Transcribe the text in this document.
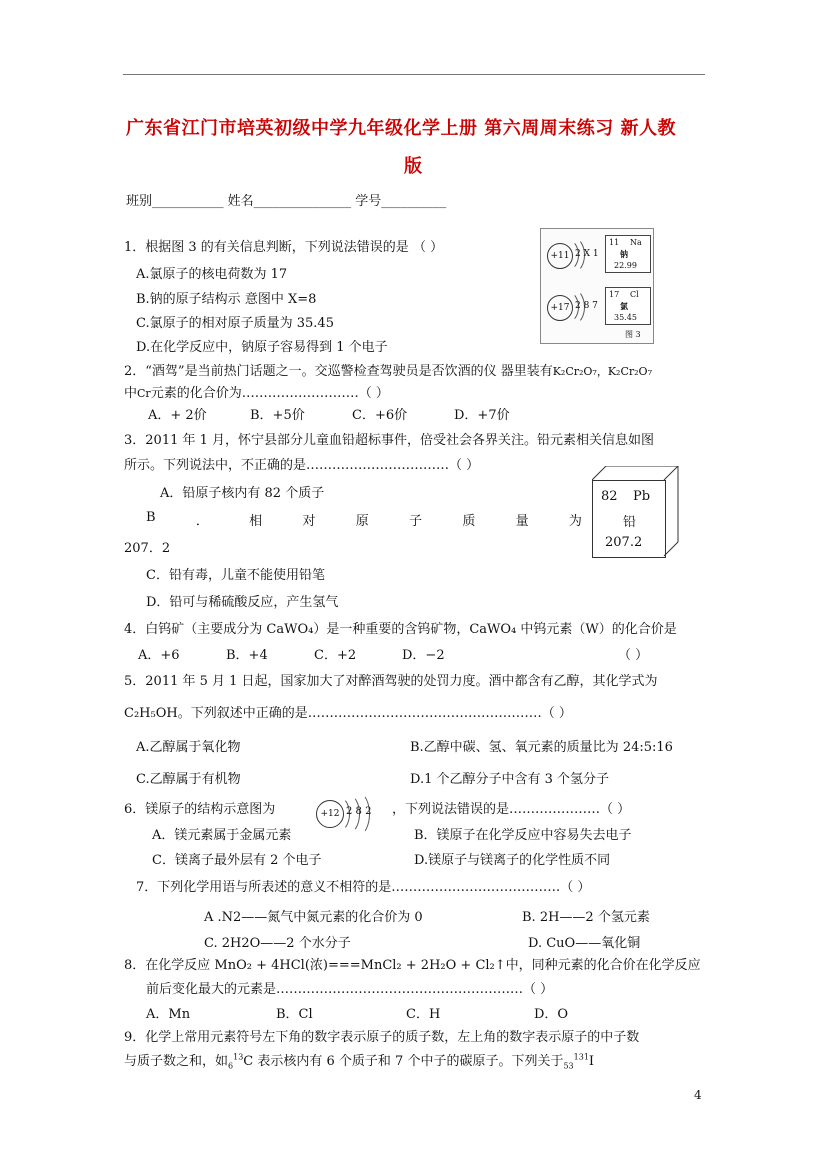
广东省江门市培英初级中学九年级化学上册 第六周周末练习 新人教
版
班别___________ 姓名_______________ 学号__________
1．根据图 3 的有关信息判断，下列说法错误的是 （ ）
A.氯原子的核电荷数为 17
B.钠的原子结构示 意图中 X=8
C.氯原子的相对原子质量为 35.45
D.在化学反应中，钠原子容易得到 1 个电子
+11 2 X 1
11 Na
钠
22.99
+17 2 8 7
17 Cl
氯
35.45
图 3
2．“酒驾”是当前热门话题之一。交巡警检查驾驶员是否饮酒的仪 器里装有K₂Cr₂O₇，K₂Cr₂O₇
中Cr元素的化合价为………………………（ ）
A．+ 2价	B．+5价	C．+6价	D．+7价
3．2011 年 1 月，怀宁县部分儿童血铅超标事件，倍受社会各界关注。铅元素相关信息如图
所示。下列说法中，不正确的是……………………………（ ）
A．铅原子核内有 82 个质子
B	．	相	对	原	子	质	量	为
207．2
C．铅有毒，儿童不能使用铅笔
D．铅可与稀硫酸反应，产生氢气
82 Pb
铅
207.2
4．白钨矿（主要成分为 CaWO₄）是一种重要的含钨矿物，CaWO₄ 中钨元素（W）的化合价是
A．+6	B．+4	C．+2	D．−2	（ ）
5．2011 年 5 月 1 日起，国家加大了对醉酒驾驶的处罚力度。酒中都含有乙醇，其化学式为
C₂H₅OH。下列叙述中正确的是………………………………………………（ ）
A.乙醇属于氧化物	B.乙醇中碳、氢、氧元素的质量比为 24:5:16
C.乙醇属于有机物	D.1 个乙醇分子中含有 3 个氢分子
6．镁原子的结构示意图为	+12 2 8 2 ，下列说法错误的是…………………（ ）
A．镁元素属于金属元素	B．镁原子在化学反应中容易失去电子
C．镁离子最外层有 2 个电子	D.镁原子与镁离子的化学性质不同
7．下列化学用语与所表述的意义不相符的是…………………………………（ ）
A .N2——氮气中氮元素的化合价为 0	B. 2H——2 个氢元素
C. 2H2O——2 个水分子	D. CuO——氧化铜
8．在化学反应 MnO₂ + 4HCl(浓)===MnCl₂ + 2H₂O + Cl₂↑中，同种元素的化合价在化学反应
前后变化最大的元素是…………………………………………………（ ）
A．Mn	B．Cl	C．H	D．O
9．化学上常用元素符号左下角的数字表示原子的质子数，左上角的数字表示原子的中子数
与质子数之和，如$_6^{13}$C 表示核内有 6 个质子和 7 个中子的碳原子。下列关于$_{53}^{131}$I
4
